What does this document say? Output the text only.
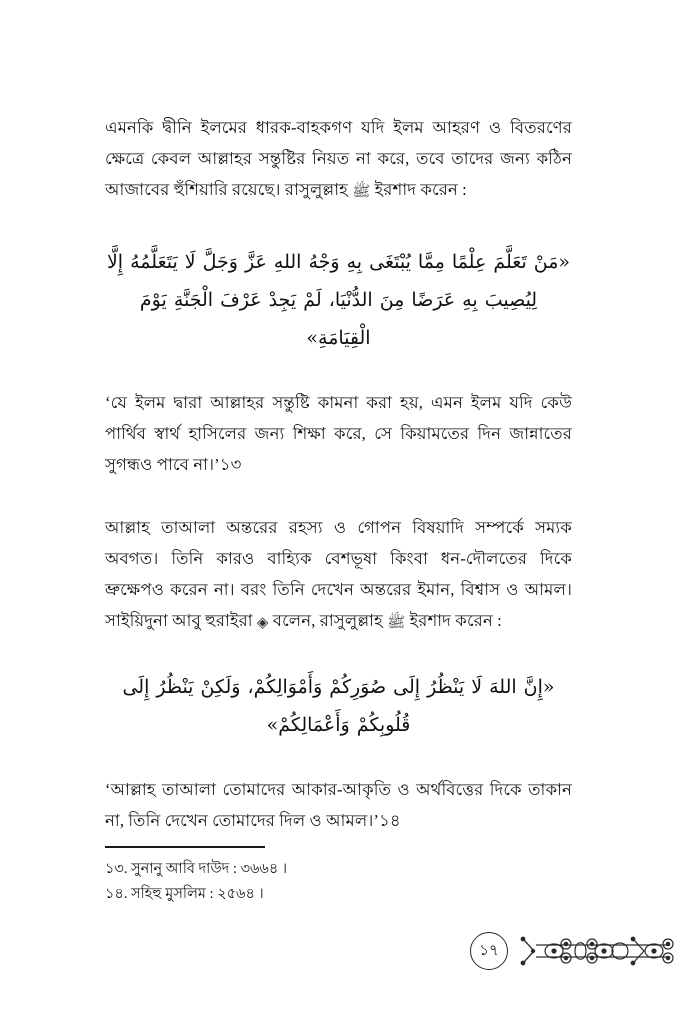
এমনকি দ্বীনি ইলমের ধারক-বাহকগণ যদি ইলম আহরণ ও বিতরণের ক্ষেত্রে কেবল আল্লাহর সন্তুষ্টির নিয়ত না করে, তবে তাদের জন্য কঠিন আজাবের হুঁশিয়ারি রয়েছে। রাসুলুল্লাহ ﷺ ইরশাদ করেন :

«مَنْ تَعَلَّمَ عِلْمًا مِمَّا يُبْتَغَى بِهِ وَجْهُ اللهِ عَزَّ وَجَلَّ لَا يَتَعَلَّمُهُ إِلَّا
لِيُصِيبَ بِهِ عَرَضًا مِنَ الدُّنْيَا، لَمْ يَجِدْ عَرْفَ الْجَنَّةِ يَوْمَ الْقِيَامَةِ»

‘যে ইলম দ্বারা আল্লাহর সন্তুষ্টি কামনা করা হয়, এমন ইলম যদি কেউ পার্থিব স্বার্থ হাসিলের জন্য শিক্ষা করে, সে কিয়ামতের দিন জান্নাতের সুগন্ধও পাবে না।’১৩

আল্লাহ তাআলা অন্তরের রহস্য ও গোপন বিষয়াদি সম্পর্কে সম্যক অবগত। তিনি কারও বাহ্যিক বেশভূষা কিংবা ধন-দৌলতের দিকে ভ্রুক্ষেপও করেন না। বরং তিনি দেখেন অন্তরের ইমান, বিশ্বাস ও আমল। সাইয়িদুনা আবু হুরাইরা ◈ বলেন, রাসুলুল্লাহ ﷺ ইরশাদ করেন :

«إِنَّ اللهَ لَا يَنْظُرُ إِلَى صُوَرِكُمْ وَأَمْوَالِكُمْ، وَلَكِنْ يَنْظُرُ إِلَى
قُلُوبِكُمْ وَأَعْمَالِكُمْ»

‘আল্লাহ তাআলা তোমাদের আকার-আকৃতি ও অর্থবিত্তের দিকে তাকান না, তিনি দেখেন তোমাদের দিল ও আমল।’১৪

১৩. সুনানু আবি দাউদ : ৩৬৬৪ ।

১৪. সহিহু মুসলিম : ২৫৬৪ ।

১৭
